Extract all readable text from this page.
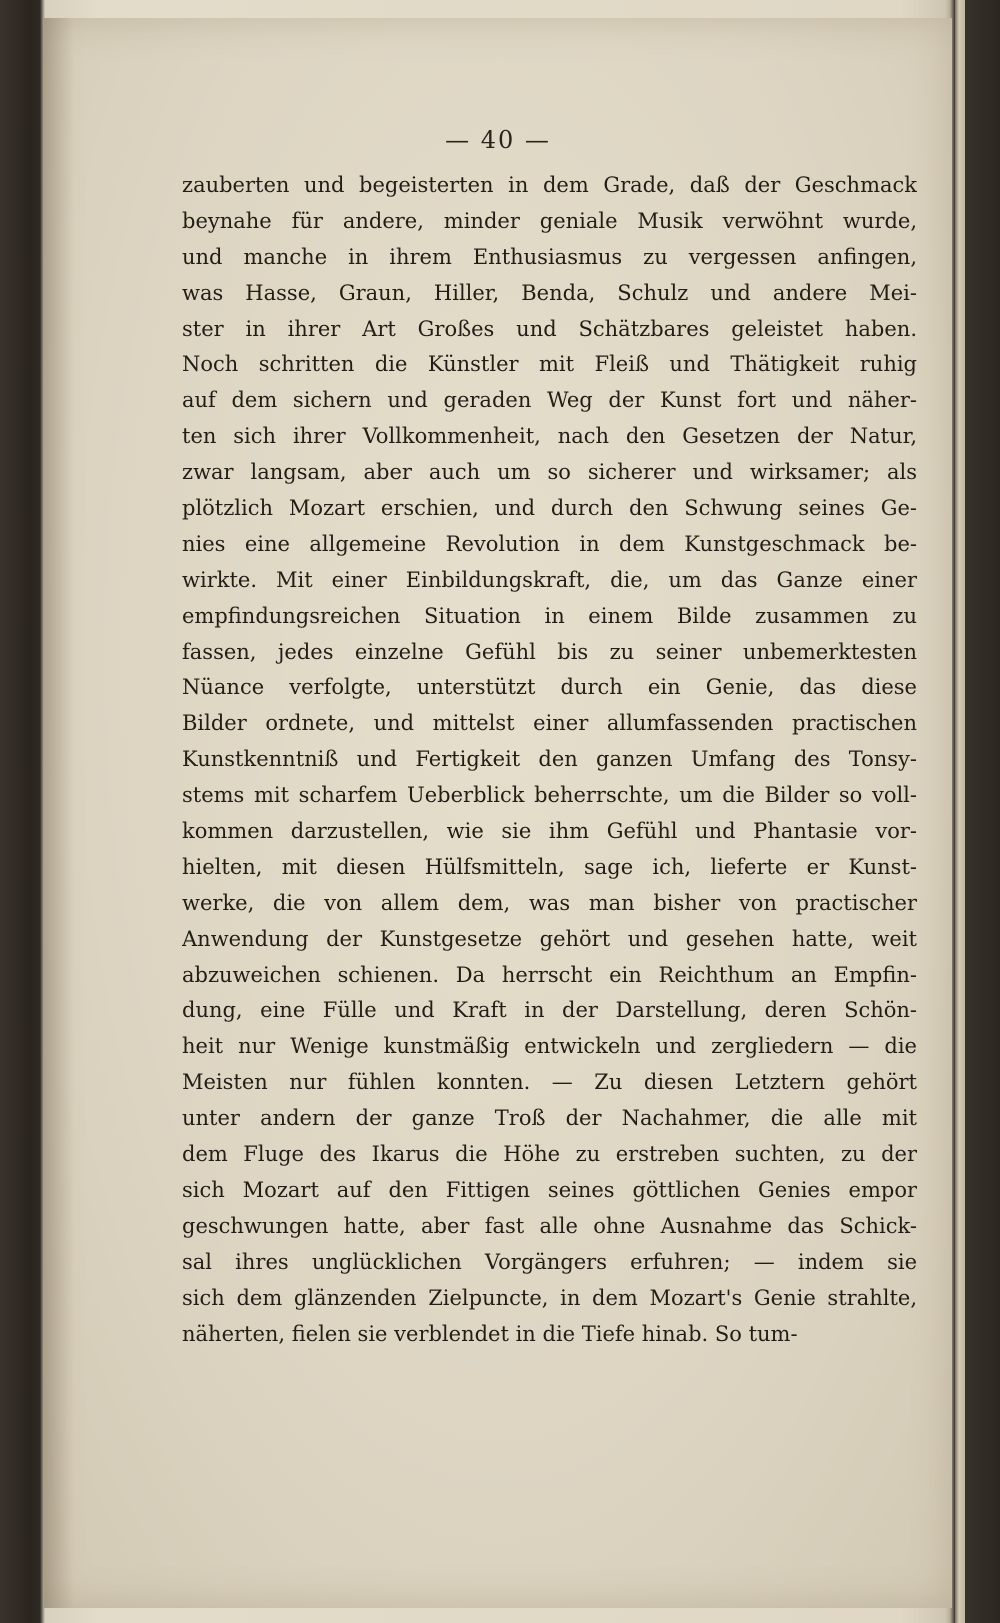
— 40 —
zauberten und begeisterten in dem Grade, daß der Geschmack
beynahe für andere, minder geniale Musik verwöhnt wurde,
und manche in ihrem Enthusiasmus zu vergessen anfingen,
was Hasse, Graun, Hiller, Benda, Schulz und andere Mei-
ster in ihrer Art Großes und Schätzbares geleistet haben.
Noch schritten die Künstler mit Fleiß und Thätigkeit ruhig
auf dem sichern und geraden Weg der Kunst fort und näher-
ten sich ihrer Vollkommenheit, nach den Gesetzen der Natur,
zwar langsam, aber auch um so sicherer und wirksamer; als
plötzlich Mozart erschien, und durch den Schwung seines Ge-
nies eine allgemeine Revolution in dem Kunstgeschmack be-
wirkte. Mit einer Einbildungskraft, die, um das Ganze einer
empfindungsreichen Situation in einem Bilde zusammen zu
fassen, jedes einzelne Gefühl bis zu seiner unbemerktesten
Nüance verfolgte, unterstützt durch ein Genie, das diese
Bilder ordnete, und mittelst einer allumfassenden practischen
Kunstkenntniß und Fertigkeit den ganzen Umfang des Tonsy-
stems mit scharfem Ueberblick beherrschte, um die Bilder so voll-
kommen darzustellen, wie sie ihm Gefühl und Phantasie vor-
hielten, mit diesen Hülfsmitteln, sage ich, lieferte er Kunst-
werke, die von allem dem, was man bisher von practischer
Anwendung der Kunstgesetze gehört und gesehen hatte, weit
abzuweichen schienen. Da herrscht ein Reichthum an Empfin-
dung, eine Fülle und Kraft in der Darstellung, deren Schön-
heit nur Wenige kunstmäßig entwickeln und zergliedern — die
Meisten nur fühlen konnten. — Zu diesen Letztern gehört
unter andern der ganze Troß der Nachahmer, die alle mit
dem Fluge des Ikarus die Höhe zu erstreben suchten, zu der
sich Mozart auf den Fittigen seines göttlichen Genies empor
geschwungen hatte, aber fast alle ohne Ausnahme das Schick-
sal ihres unglücklichen Vorgängers erfuhren; — indem sie
sich dem glänzenden Zielpuncte, in dem Mozart's Genie strahlte,
näherten, fielen sie verblendet in die Tiefe hinab. So tum-
